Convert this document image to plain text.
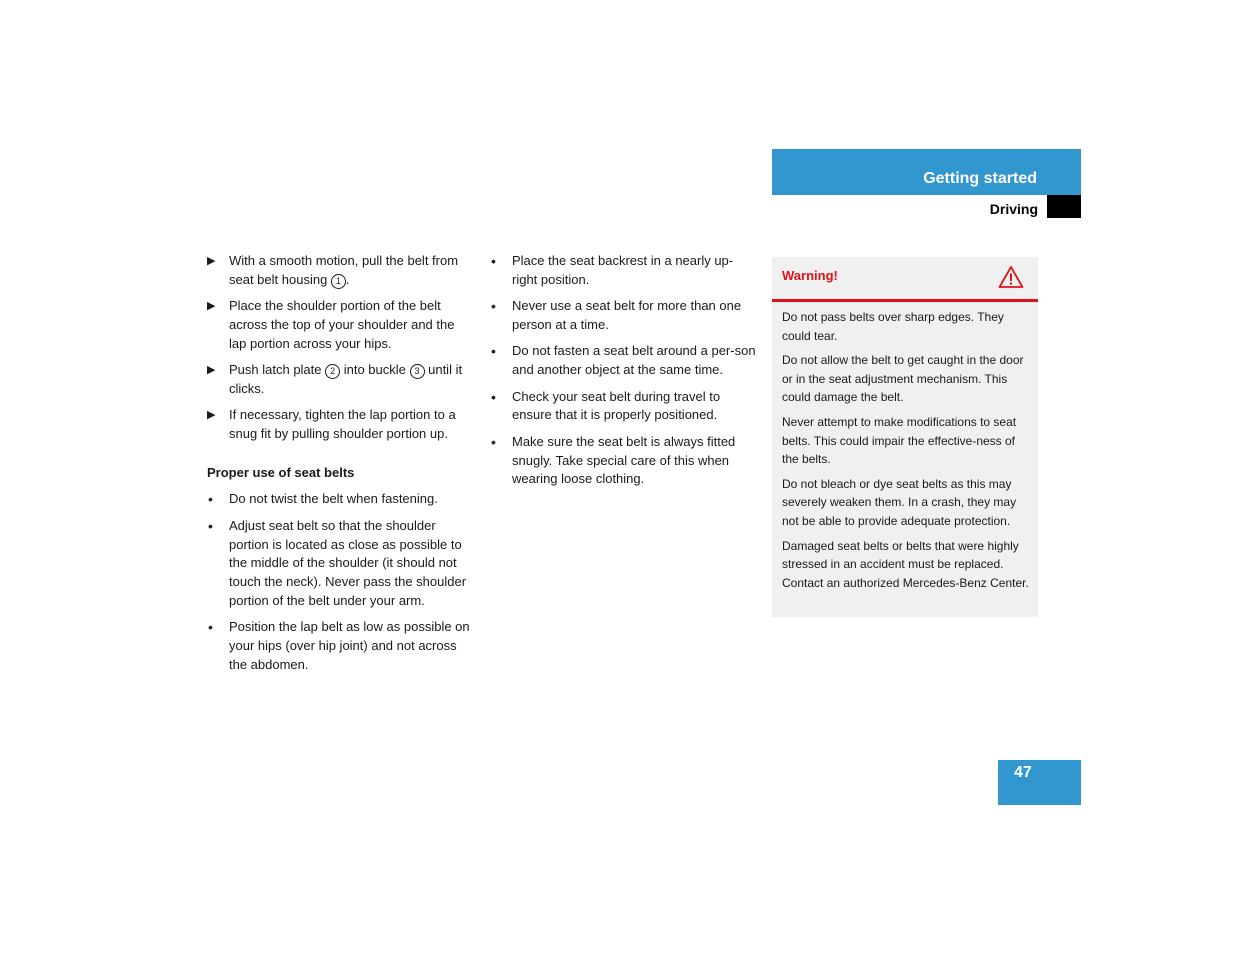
Getting started
Driving
▶	With a smooth motion, pull the belt from seat belt housing 1 .
▶	Place the shoulder portion of the belt across the top of your shoulder and the lap portion across your hips.
▶	Push latch plate 2 into buckle 3 until it clicks.
▶	If necessary, tighten the lap portion to a snug fit by pulling shoulder portion up.
Proper use of seat belts
•	Do not twist the belt when fastening.
•	Adjust seat belt so that the shoulder portion is located as close as possible to the middle of the shoulder (it should not touch the neck). Never pass the shoulder portion of the belt under your arm.
•	Position the lap belt as low as possible on your hips (over hip joint) and not across the abdomen.
•	Place the seat backrest in a nearly up-right position.
•	Never use a seat belt for more than one person at a time.
•	Do not fasten a seat belt around a per-son and another object at the same time.
•	Check your seat belt during travel to ensure that it is properly positioned.
•	Make sure the seat belt is always fitted snugly. Take special care of this when wearing loose clothing.
Warning!

Do not pass belts over sharp edges. They could tear.

Do not allow the belt to get caught in the door or in the seat adjustment mechanism. This could damage the belt.

Never attempt to make modifications to seat belts. This could impair the effective-ness of the belts.

Do not bleach or dye seat belts as this may severely weaken them. In a crash, they may not be able to provide adequate protection.

Damaged seat belts or belts that were highly stressed in an accident must be replaced. Contact an authorized Mercedes-Benz Center.

47
